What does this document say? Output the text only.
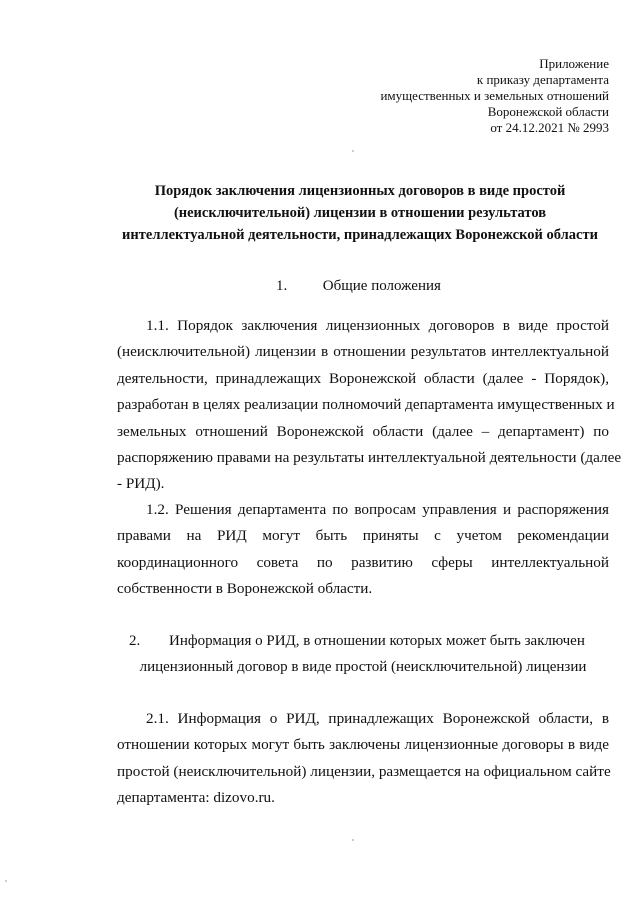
Приложение
к приказу департамента
имущественных и земельных отношений
Воронежской области
от 24.12.2021 № 2993
Порядок заключения лицензионных договоров в виде простой
(неисключительной) лицензии в отношении результатов
интеллектуальной деятельности, принадлежащих Воронежской области
1. Общие положения
1.1. Порядок заключения лицензионных договоров в виде простой
(неисключительной) лицензии в отношении результатов интеллектуальной
деятельности, принадлежащих Воронежской области (далее - Порядок),
разработан в целях реализации полномочий департамента имущественных и
земельных отношений Воронежской области (далее – департамент) по
распоряжению правами на результаты интеллектуальной деятельности (далее
- РИД).
1.2. Решения департамента по вопросам управления и распоряжения
правами на РИД могут быть приняты с учетом рекомендации
координационного совета по развитию сферы интеллектуальной
собственности в Воронежской области.
2. Информация о РИД, в отношении которых может быть заключен
лицензионный договор в виде простой (неисключительной) лицензии
2.1. Информация о РИД, принадлежащих Воронежской области, в
отношении которых могут быть заключены лицензионные договоры в виде
простой (неисключительной) лицензии, размещается на официальном сайте
департамента: dizovo.ru.
